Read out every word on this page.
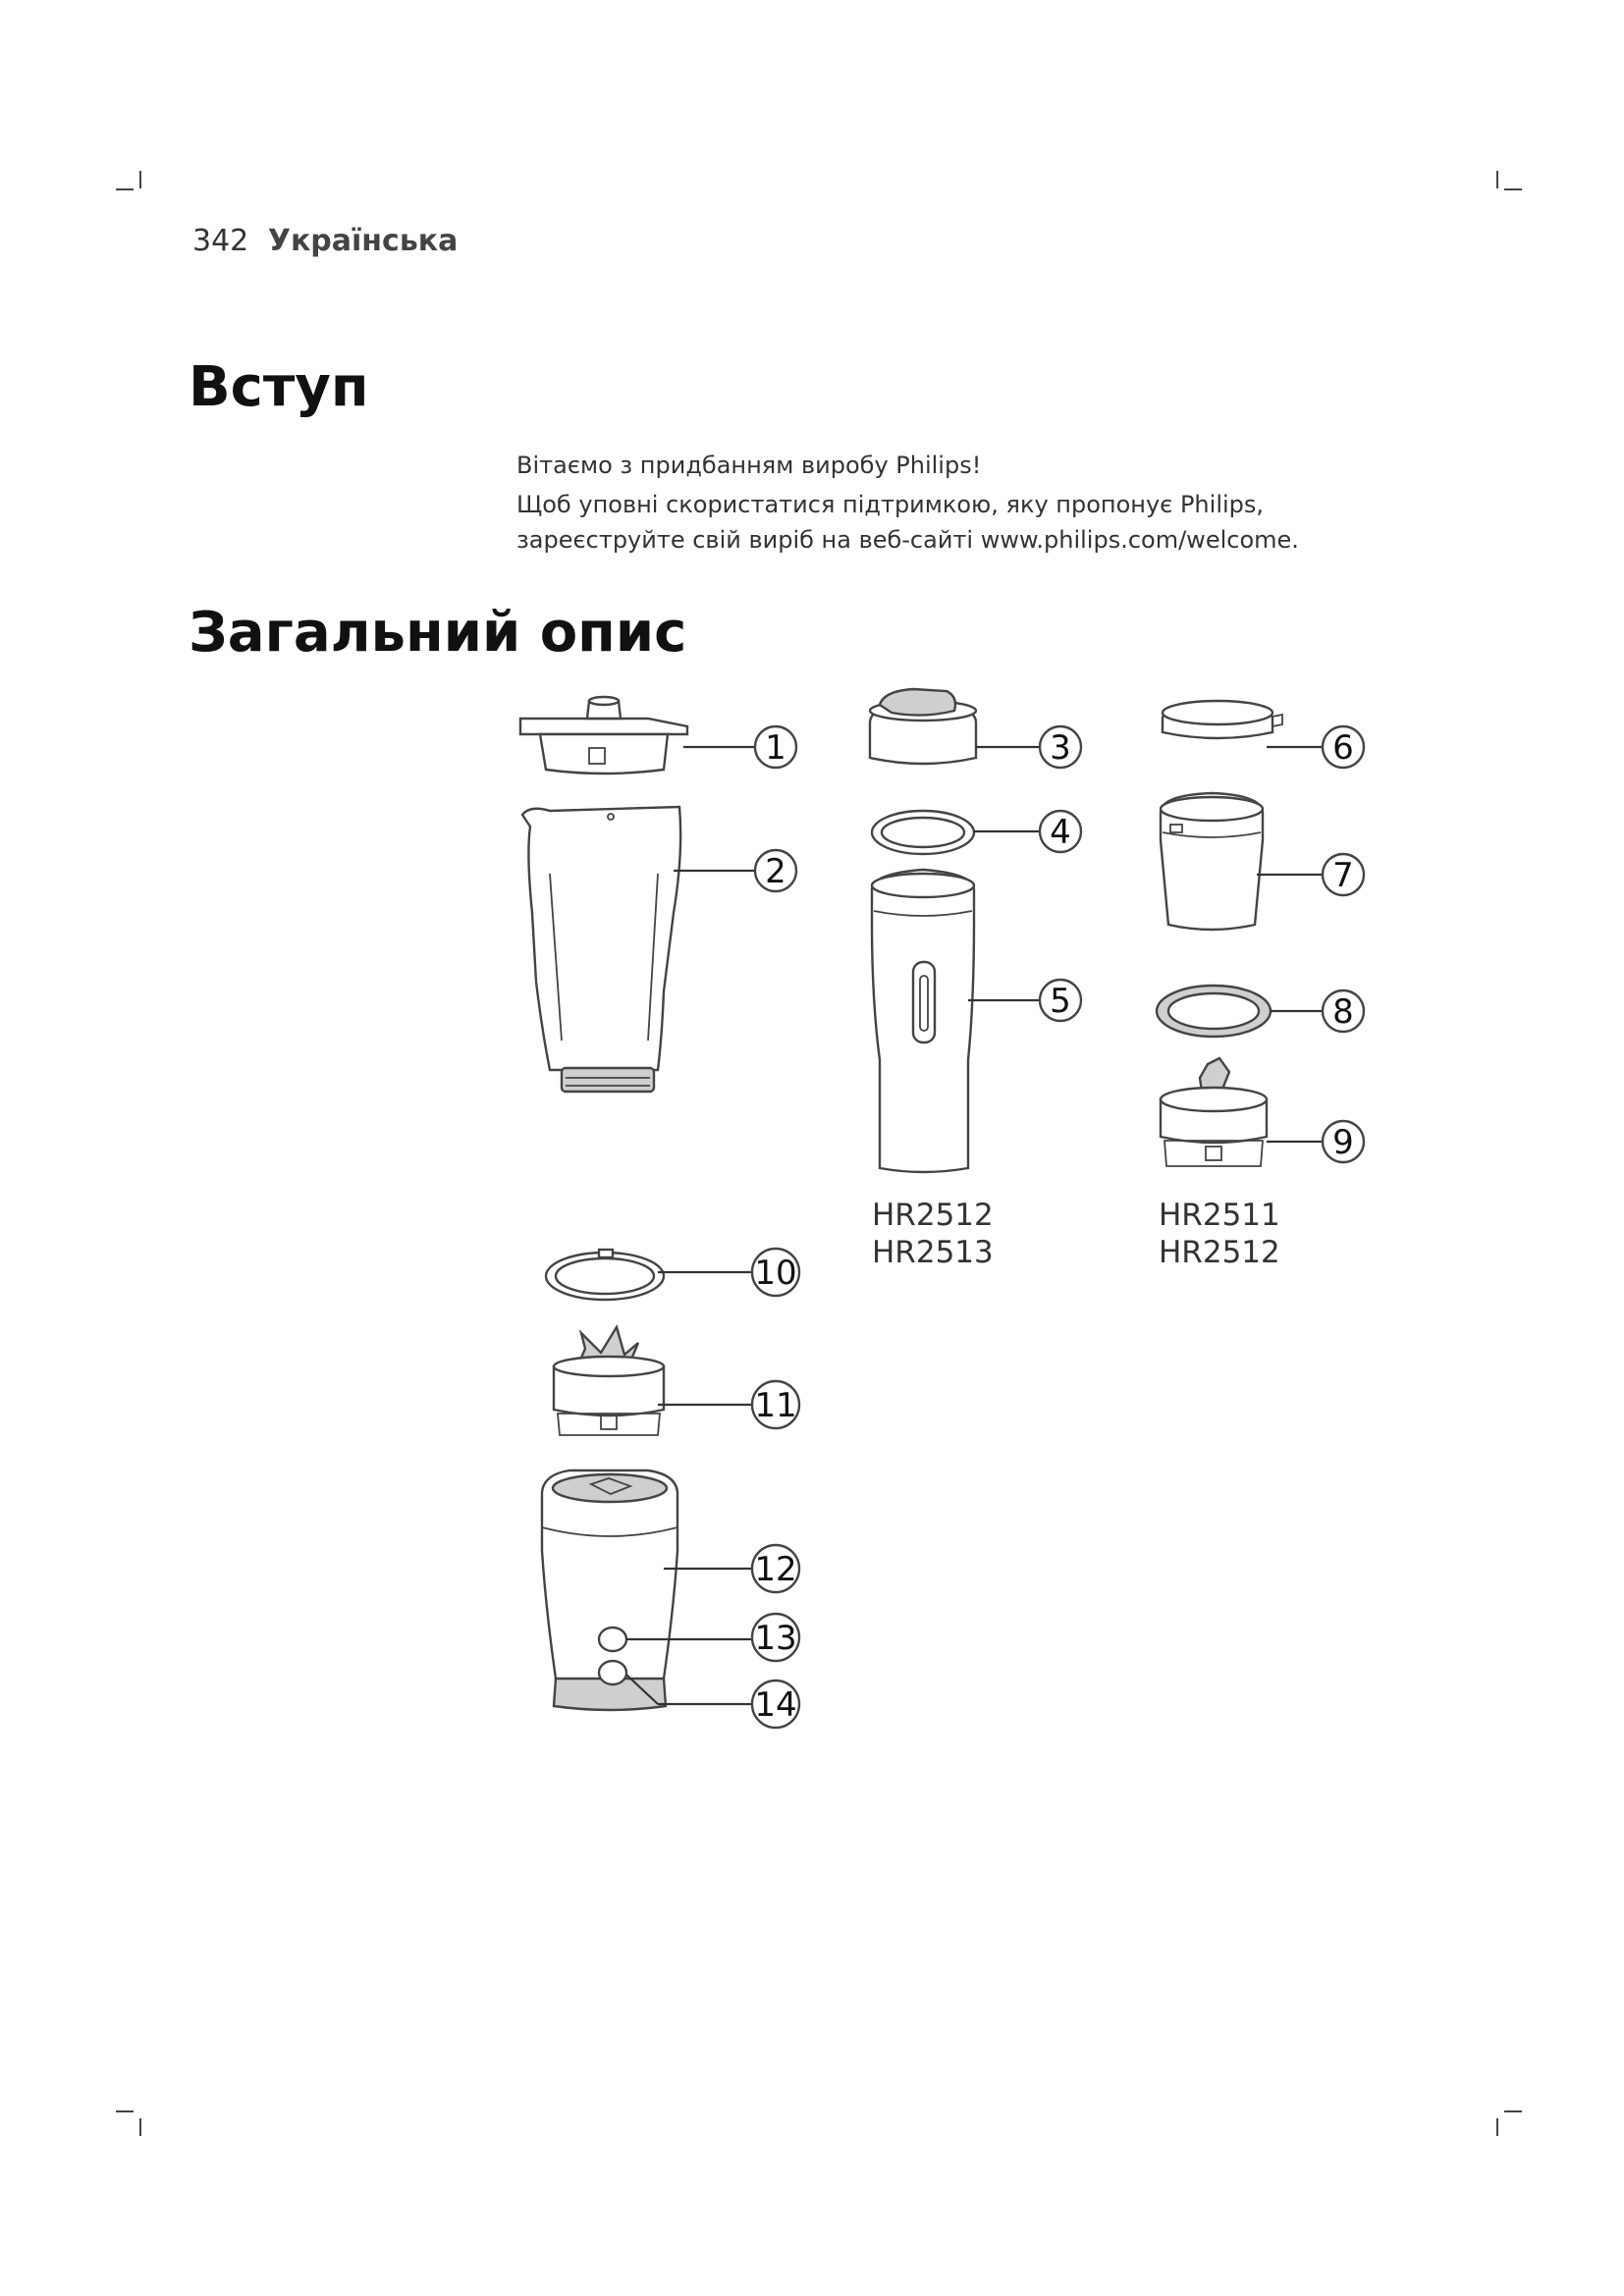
342 Українська
Вступ

Вітаємо з придбанням виробу Philips!

Щоб уповні скористатися підтримкою, яку пропонує Philips, зареєструйте свій виріб на веб-сайті www.philips.com/welcome.

Загальний опис
1
2
10
11
12
13
14
3
4
5
HR2512
HR2513
6
7
8
9
HR2511
HR2512
